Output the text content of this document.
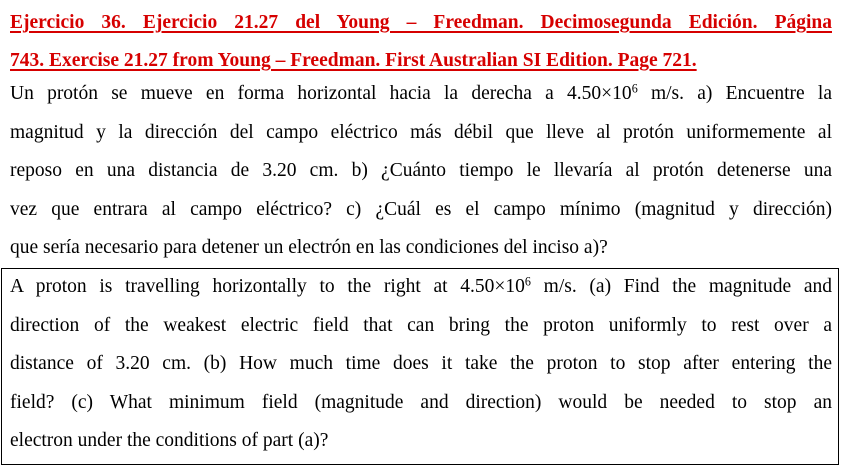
Ejercicio 36. Ejercicio 21.27 del Young – Freedman. Decimosegunda Edición. Página
743. Exercise 21.27 from Young – Freedman. First Australian SI Edition. Page 721.
Un protón se mueve en forma horizontal hacia la derecha a $4.50\times 10^6$ m/s. a) Encuentre la
magnitud y la dirección del campo eléctrico más débil que lleve al protón uniformemente al
reposo en una distancia de 3.20 cm. b) ¿Cuánto tiempo le llevaría al protón detenerse una
vez que entrara al campo eléctrico? c) ¿Cuál es el campo mínimo (magnitud y dirección)
que sería necesario para detener un electrón en las condiciones del inciso a)?
A proton is travelling horizontally to the right at $4.50\times 10^6$ m/s. (a) Find the magnitude and
direction of the weakest electric field that can bring the proton uniformly to rest over a
distance of 3.20 cm. (b) How much time does it take the proton to stop after entering the
field? (c) What minimum field (magnitude and direction) would be needed to stop an
electron under the conditions of part (a)?
